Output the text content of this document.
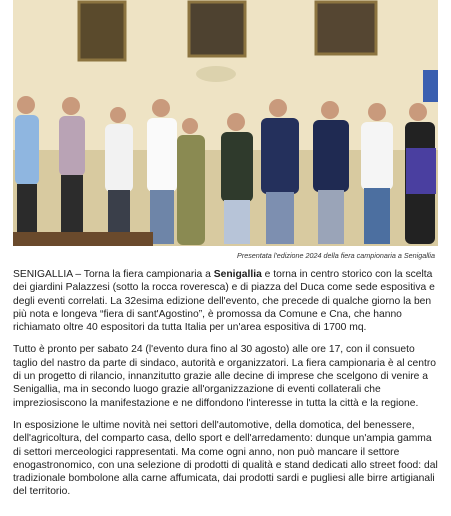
Presentata l'edizione 2024 della fiera campionaria a Senigallia

SENIGALLIA – Torna la fiera campionaria a Senigallia e torna in centro storico con la scelta dei giardini Palazzesi (sotto la rocca roveresca) e di piazza del Duca come sede espositiva e degli eventi correlati. La 32esima edizione dell'evento, che precede di qualche giorno la ben più nota e longeva “fiera di sant'Agostino”, è promossa da Comune e Cna, che hanno richiamato oltre 40 espositori da tutta Italia per un'area espositiva di 1700 mq.

Tutto è pronto per sabato 24 (l'evento dura fino al 30 agosto) alle ore 17, con il consueto taglio del nastro da parte di sindaco, autorità e organizzatori. La fiera campionaria è al centro di un progetto di rilancio, innanzitutto grazie alle decine di imprese che scelgono di venire a Senigallia, ma in secondo luogo grazie all'organizzazione di eventi collaterali che impreziosiscono la manifestazione e ne diffondono l'interesse in tutta la città e la regione.

In esposizione le ultime novità nei settori dell'automotive, della domotica, del benessere, dell'agricoltura, del comparto casa, dello sport e dell'arredamento: dunque un'ampia gamma di settori merceologici rappresentati. Ma come ogni anno, non può mancare il settore enogastronomico, con una selezione di prodotti di qualità e stand dedicati allo street food: dal tradizionale bombolone alla carne affumicata, dai prodotti sardi e pugliesi alle birre artigianali del territorio.
